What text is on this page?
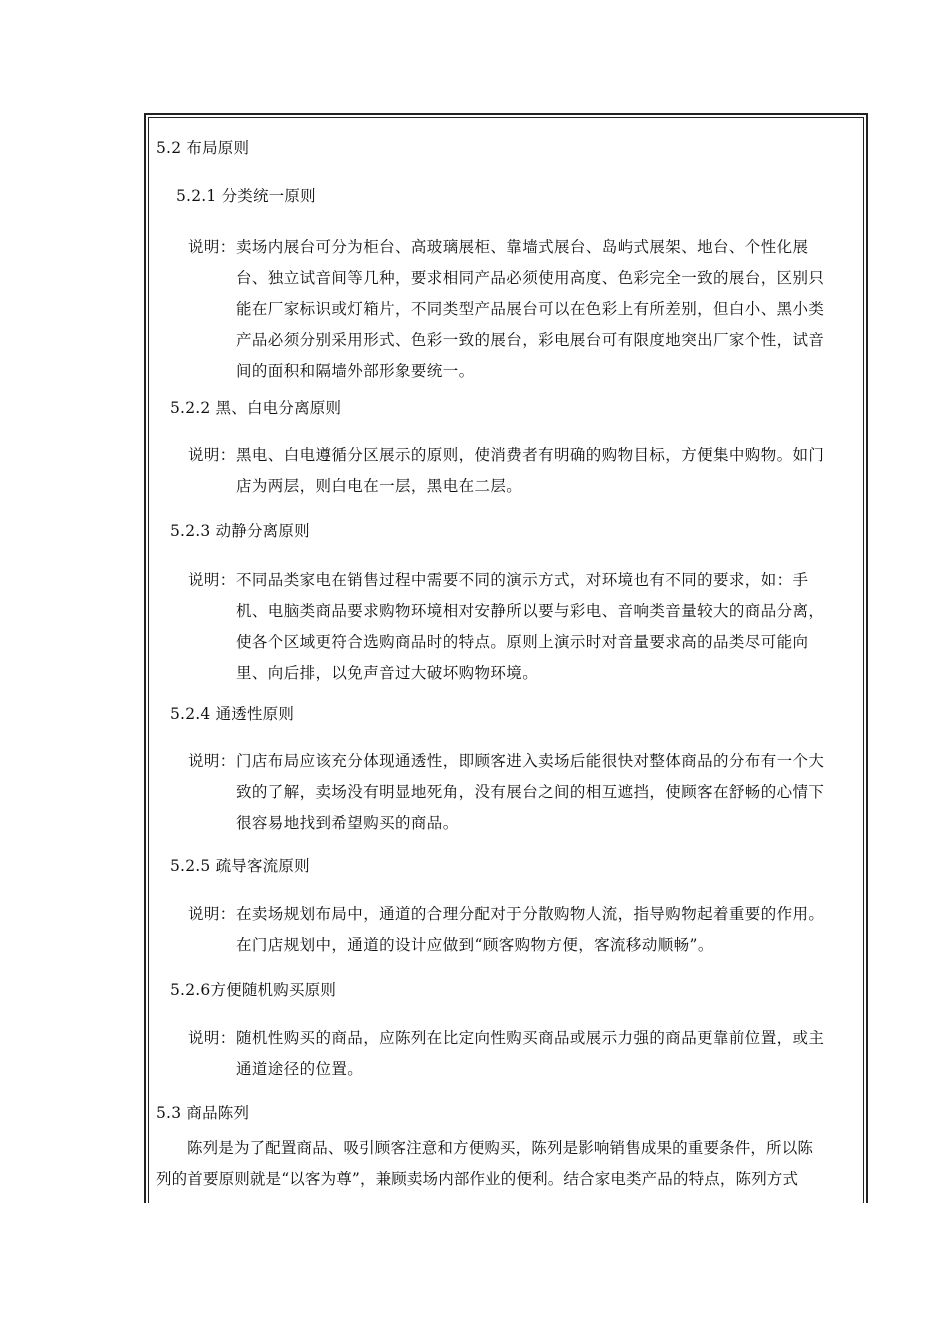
5.2 布局原则
5.2.1 分类统一原则
说明： 卖场内展台可分为柜台、高玻璃展柜、靠墙式展台、岛屿式展架、地台、个性化展
台、独立试音间等几种，要求相同产品必须使用高度、色彩完全一致的展台，区别只
能在厂家标识或灯箱片，不同类型产品展台可以在色彩上有所差别，但白小、黑小类
产品必须分别采用形式、色彩一致的展台，彩电展台可有限度地突出厂家个性，试音
间的面积和隔墙外部形象要统一。
5.2.2 黑、白电分离原则
说明： 黑电、白电遵循分区展示的原则，使消费者有明确的购物目标，方便集中购物。如门
店为两层，则白电在一层，黑电在二层。
5.2.3 动静分离原则
说明： 不同品类家电在销售过程中需要不同的演示方式，对环境也有不同的要求，如：手
机、电脑类商品要求购物环境相对安静所以要与彩电、音响类音量较大的商品分离，
使各个区域更符合选购商品时的特点。原则上演示时对音量要求高的品类尽可能向
里、向后排，以免声音过大破坏购物环境。
5.2.4 通透性原则
说明： 门店布局应该充分体现通透性，即顾客进入卖场后能很快对整体商品的分布有一个大
致的了解，卖场没有明显地死角，没有展台之间的相互遮挡，使顾客在舒畅的心情下
很容易地找到希望购买的商品。
5.2.5 疏导客流原则
说明： 在卖场规划布局中，通道的合理分配对于分散购物人流，指导购物起着重要的作用。
在门店规划中，通道的设计应做到“顾客购物方便，客流移动顺畅”。
5.2.6方便随机购买原则
说明： 随机性购买的商品，应陈列在比定向性购买商品或展示力强的商品更靠前位置，或主
通道途径的位置。
5.3 商品陈列
陈列是为了配置商品、吸引顾客注意和方便购买，陈列是影响销售成果的重要条件，所以陈
列的首要原则就是“以客为尊”，兼顾卖场内部作业的便利。结合家电类产品的特点，陈列方式
